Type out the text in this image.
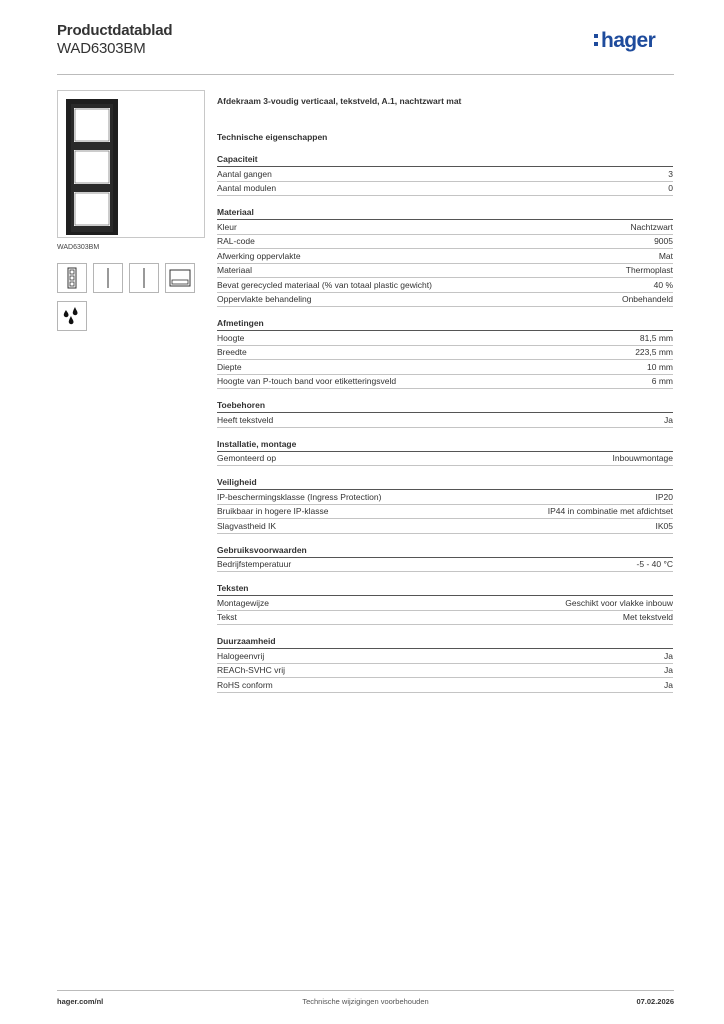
Productdatablad
WAD6303BM	hager
WAD6303BM
Afdekraam 3-voudig verticaal, tekstveld, A.1, nachtzwart mat
Technische eigenschappen
Capaciteit
Aantal gangen	3
Aantal modulen	0
Materiaal
Kleur	Nachtzwart
RAL-code	9005
Afwerking oppervlakte	Mat
Materiaal	Thermoplast
Bevat gerecycled materiaal (% van totaal plastic gewicht)	40 %
Oppervlakte behandeling	Onbehandeld
Afmetingen
Hoogte	81,5 mm
Breedte	223,5 mm
Diepte	10 mm
Hoogte van P-touch band voor etiketteringsveld	6 mm
Toebehoren
Heeft tekstveld	Ja
Installatie, montage
Gemonteerd op	Inbouwmontage
Veiligheid
IP-beschermingsklasse (Ingress Protection)	IP20
Bruikbaar in hogere IP-klasse	IP44 in combinatie met afdichtset
Slagvastheid IK	IK05
Gebruiksvoorwaarden
Bedrijfstemperatuur	-5 - 40 °C
Teksten
Montagewijze	Geschikt voor vlakke inbouw
Tekst	Met tekstveld
Duurzaamheid
Halogeenvrij	Ja
REACh-SVHC vrij	Ja
RoHS conform	Ja
hager.com/nl	Technische wijzigingen voorbehouden	07.02.2026
